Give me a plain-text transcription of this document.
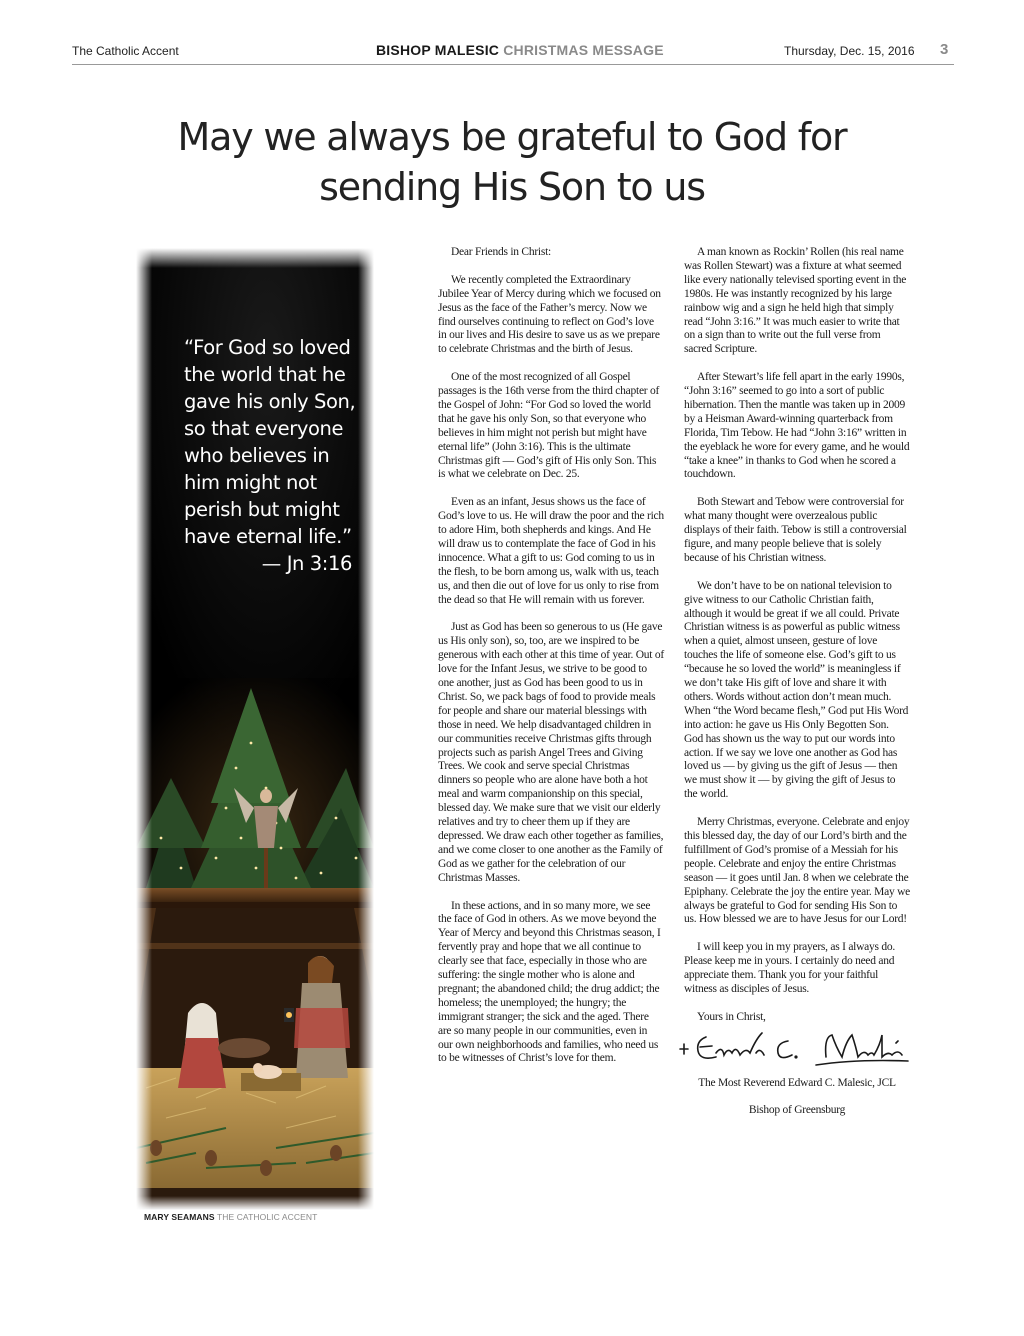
The Catholic Accent	BISHOP MALESIC CHRISTMAS MESSAGE	Thursday, Dec. 15, 2016 3
May we always be grateful to God for sending His Son to us
“For God so loved the world that he gave his only Son, so that everyone who believes in him might not perish but might have eternal life.”
— Jn 3:16
MARY SEAMANS THE CATHOLIC ACCENT

Dear Friends in Christ:

We recently completed the Extraordinary Jubilee Year of Mercy during which we focused on Jesus as the face of the Father’s mercy. Now we find ourselves continuing to reflect on God’s love in our lives and His desire to save us as we prepare to celebrate Christmas and the birth of Jesus.

One of the most recognized of all Gospel passages is the 16th verse from the third chapter of the Gospel of John: “For God so loved the world that he gave his only Son, so that everyone who believes in him might not perish but might have eternal life” (John 3:16). This is the ultimate Christmas gift — God’s gift of His only Son. This is what we celebrate on Dec. 25.

Even as an infant, Jesus shows us the face of God’s love to us. He will draw the poor and the rich to adore Him, both shepherds and kings. And He will draw us to contemplate the face of God in his innocence. What a gift to us: God coming to us in the flesh, to be born among us, walk with us, teach us, and then die out of love for us only to rise from the dead so that He will remain with us forever.

Just as God has been so generous to us (He gave us His only son), so, too, are we inspired to be generous with each other at this time of year. Out of love for the Infant Jesus, we strive to be good to one another, just as God has been good to us in Christ. So, we pack bags of food to provide meals for people and share our material blessings with those in need. We help disadvantaged children in our communities receive Christmas gifts through projects such as parish Angel Trees and Giving Trees. We cook and serve special Christmas dinners so people who are alone have both a hot meal and warm companionship on this special, blessed day. We make sure that we visit our elderly relatives and try to cheer them up if they are depressed. We draw each other together as families, and we come closer to one another as the Family of God as we gather for the celebration of our Christmas Masses.

In these actions, and in so many more, we see the face of God in others. As we move beyond the Year of Mercy and beyond this Christmas season, I fervently pray and hope that we all continue to clearly see that face, especially in those who are suffering: the single mother who is alone and pregnant; the abandoned child; the drug addict; the homeless; the unemployed; the hungry; the immigrant stranger; the sick and the aged. There are so many people in our communities, even in our own neighborhoods and families, who need us to be witnesses of Christ’s love for them.

A man known as Rockin’ Rollen (his real name was Rollen Stewart) was a fixture at what seemed like every nationally televised sporting event in the 1980s. He was instantly recognized by his large rainbow wig and a sign he held high that simply read “John 3:16.” It was much easier to write that on a sign than to write out the full verse from sacred Scripture.

After Stewart’s life fell apart in the early 1990s, “John 3:16” seemed to go into a sort of public hibernation. Then the mantle was taken up in 2009 by a Heisman Award-winning quarterback from Florida, Tim Tebow. He had “John 3:16” written in the eyeblack he wore for every game, and he would “take a knee” in thanks to God when he scored a touchdown.

Both Stewart and Tebow were controversial for what many thought were overzealous public displays of their faith. Tebow is still a controversial figure, and many people believe that is solely because of his Christian witness.

We don’t have to be on national television to give witness to our Catholic Christian faith, although it would be great if we all could. Private Christian witness is as powerful as public witness when a quiet, almost unseen, gesture of love touches the life of someone else. God’s gift to us “because he so loved the world” is meaningless if we don’t take His gift of love and share it with others. Words without action don’t mean much. When “the Word became flesh,” God put His Word into action: he gave us His Only Begotten Son. God has shown us the way to put our words into action. If we say we love one another as God has loved us — by giving us the gift of Jesus — then we must show it — by giving the gift of Jesus to the world.

Merry Christmas, everyone. Celebrate and enjoy this blessed day, the day of our Lord’s birth and the fulfillment of God’s promise of a Messiah for his people. Celebrate and enjoy the entire Christmas season — it goes until Jan. 8 when we celebrate the Epiphany. Celebrate the joy the entire year. May we always be grateful to God for sending His Son to us. How blessed we are to have Jesus for our Lord!

I will keep you in my prayers, as I always do. Please keep me in yours. I certainly do need and appreciate them. Thank you for your faithful witness as disciples of Jesus.

Yours in Christ,

The Most Reverend Edward C. Malesic, JCL

Bishop of Greensburg
